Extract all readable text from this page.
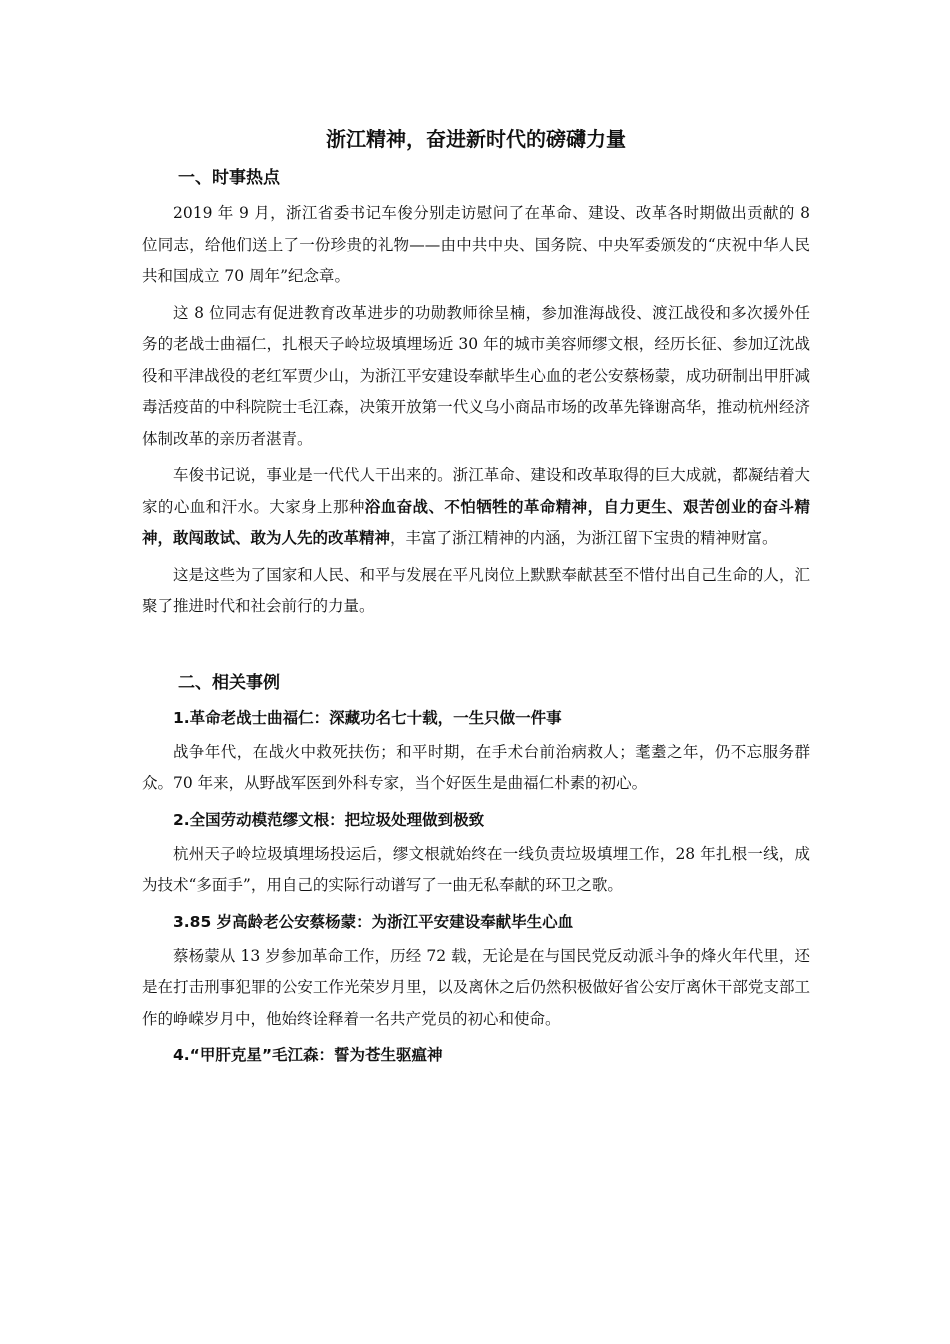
浙江精神，奋进新时代的磅礴力量
一、时事热点

2019 年 9 月，浙江省委书记车俊分别走访慰问了在革命、建设、改革各时期做出贡献的 8 位同志，给他们送上了一份珍贵的礼物——由中共中央、国务院、中央军委颁发的“庆祝中华人民共和国成立 70 周年”纪念章。

这 8 位同志有促进教育改革进步的功勋教师徐呈楠，参加淮海战役、渡江战役和多次援外任务的老战士曲福仁，扎根天子岭垃圾填埋场近 30 年的城市美容师缪文根，经历长征、参加辽沈战役和平津战役的老红军贾少山，为浙江平安建设奉献毕生心血的老公安蔡杨蒙，成功研制出甲肝减毒活疫苗的中科院院士毛江森，决策开放第一代义乌小商品市场的改革先锋谢高华，推动杭州经济体制改革的亲历者湛青。

车俊书记说，事业是一代代人干出来的。浙江革命、建设和改革取得的巨大成就，都凝结着大家的心血和汗水。大家身上那种浴血奋战、不怕牺牲的革命精神，自力更生、艰苦创业的奋斗精神，敢闯敢试、敢为人先的改革精神，丰富了浙江精神的内涵，为浙江留下宝贵的精神财富。

这是这些为了国家和人民、和平与发展在平凡岗位上默默奉献甚至不惜付出自己生命的人，汇聚了推进时代和社会前行的力量。

二、相关事例
1.革命老战士曲福仁：深藏功名七十载，一生只做一件事

战争年代，在战火中救死扶伤；和平时期，在手术台前治病救人；耄耋之年，仍不忘服务群众。70 年来，从野战军医到外科专家，当个好医生是曲福仁朴素的初心。

2.全国劳动模范缪文根：把垃圾处理做到极致

杭州天子岭垃圾填埋场投运后，缪文根就始终在一线负责垃圾填埋工作，28 年扎根一线，成为技术“多面手”，用自己的实际行动谱写了一曲无私奉献的环卫之歌。

3.85 岁高龄老公安蔡杨蒙：为浙江平安建设奉献毕生心血

蔡杨蒙从 13 岁参加革命工作，历经 72 载，无论是在与国民党反动派斗争的烽火年代里，还是在打击刑事犯罪的公安工作光荣岁月里，以及离休之后仍然积极做好省公安厅离休干部党支部工作的峥嵘岁月中，他始终诠释着一名共产党员的初心和使命。

4.“甲肝克星”毛江森：誓为苍生驱瘟神
